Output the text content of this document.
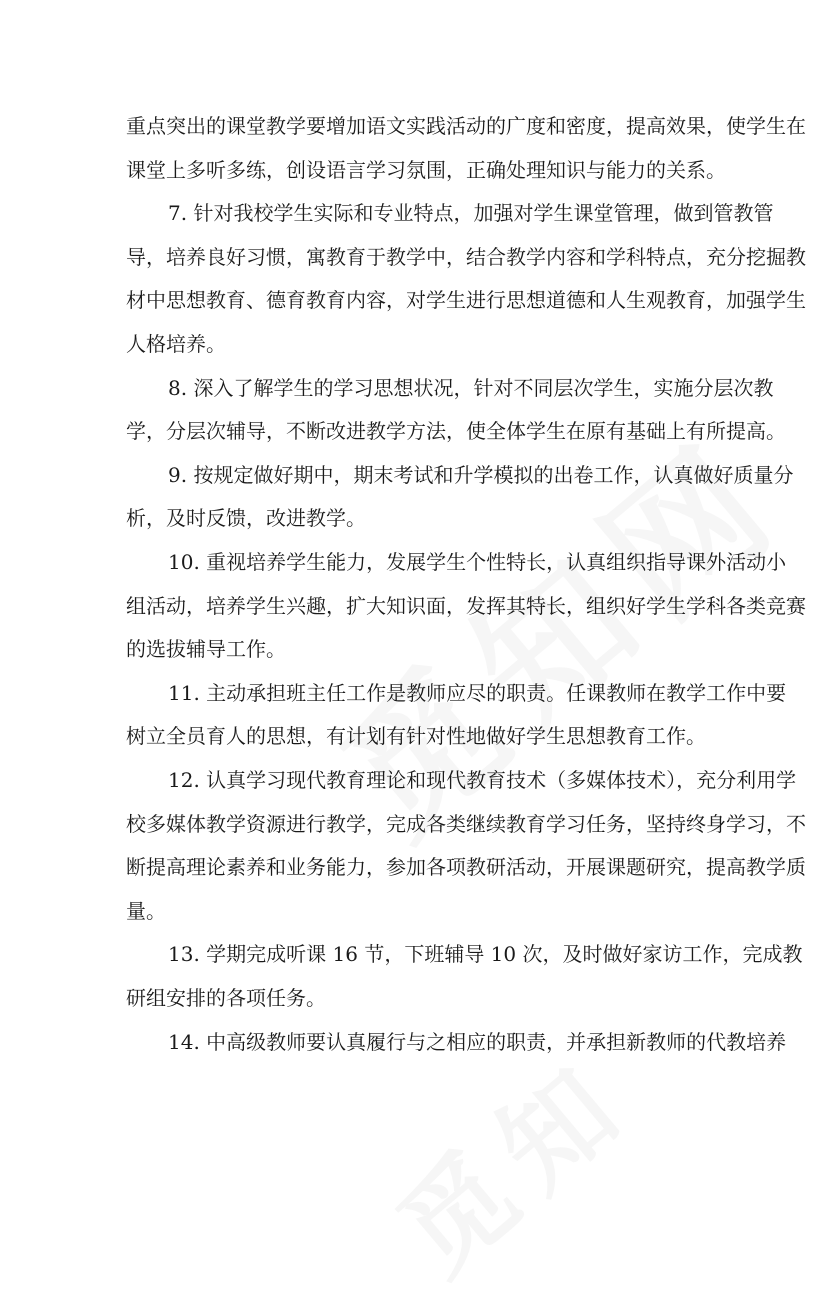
重点突出的课堂教学要增加语文实践活动的广度和密度，提高效果，使学生在
课堂上多听多练，创设语言学习氛围，正确处理知识与能力的关系。
7. 针对我校学生实际和专业特点，加强对学生课堂管理，做到管教管
导，培养良好习惯，寓教育于教学中，结合教学内容和学科特点，充分挖掘教
材中思想教育、德育教育内容，对学生进行思想道德和人生观教育，加强学生
人格培养。
8. 深入了解学生的学习思想状况，针对不同层次学生，实施分层次教
学，分层次辅导，不断改进教学方法，使全体学生在原有基础上有所提高。
9. 按规定做好期中，期末考试和升学模拟的出卷工作，认真做好质量分
析，及时反馈，改进教学。
10. 重视培养学生能力，发展学生个性特长，认真组织指导课外活动小
组活动，培养学生兴趣，扩大知识面，发挥其特长，组织好学生学科各类竞赛
的选拔辅导工作。
11. 主动承担班主任工作是教师应尽的职责。任课教师在教学工作中要
树立全员育人的思想，有计划有针对性地做好学生思想教育工作。
12. 认真学习现代教育理论和现代教育技术（多媒体技术），充分利用学
校多媒体教学资源进行教学，完成各类继续教育学习任务，坚持终身学习，不
断提高理论素养和业务能力，参加各项教研活动，开展课题研究，提高教学质
量。
13. 学期完成听课 16 节，下班辅导 10 次，及时做好家访工作，完成教
研组安排的各项任务。
14. 中高级教师要认真履行与之相应的职责，并承担新教师的代教培养
